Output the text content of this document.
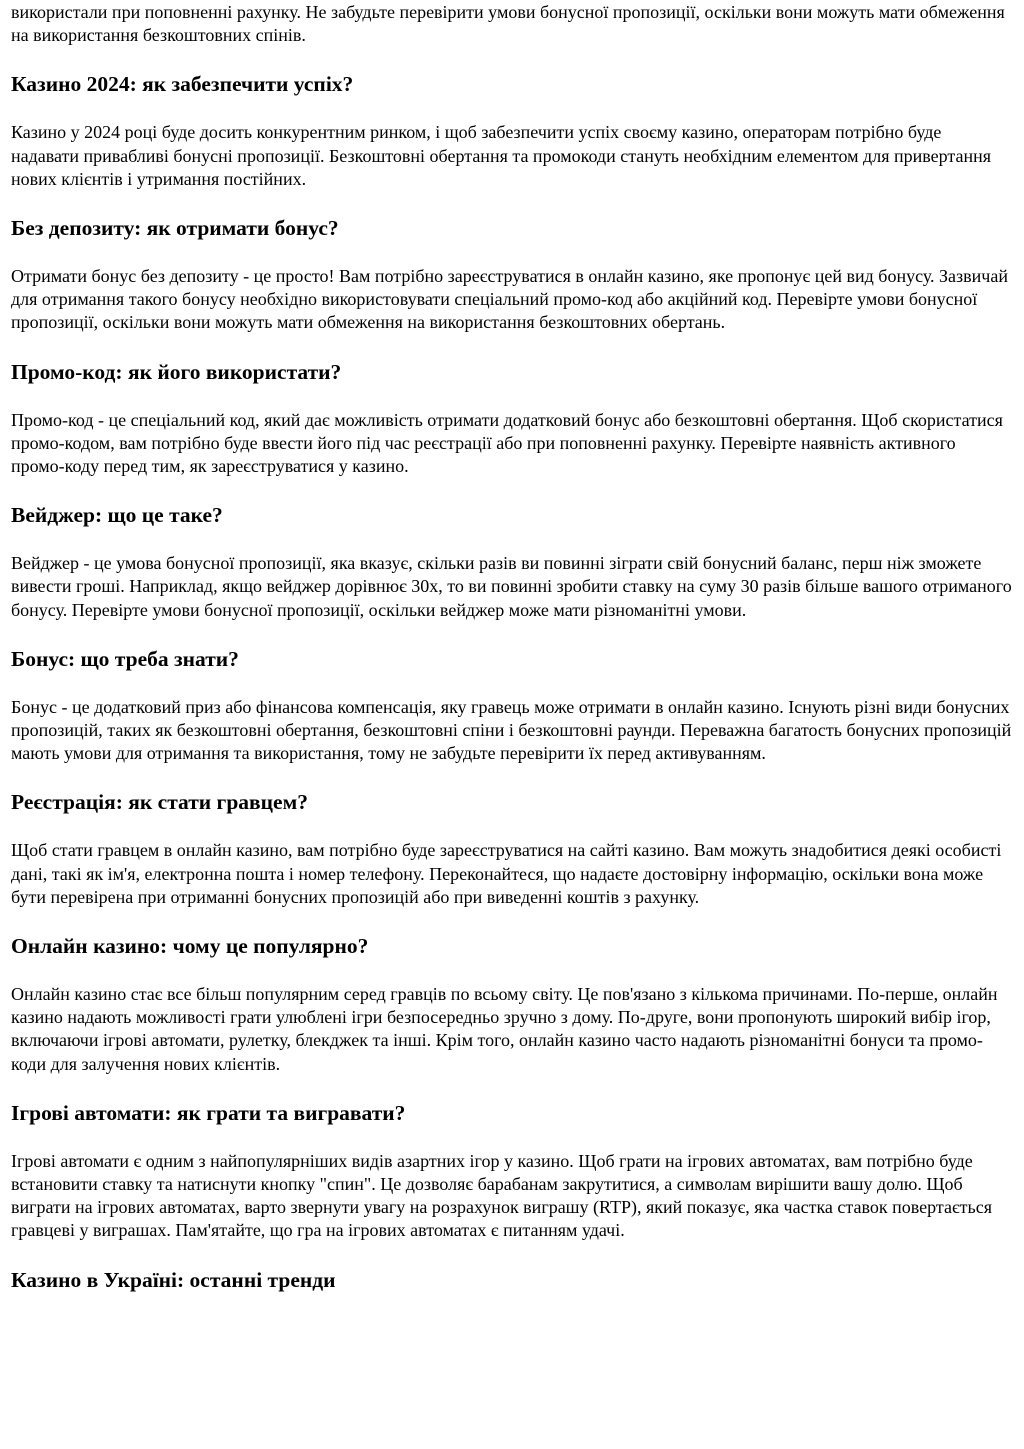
використали при поповненні рахунку. Не забудьте перевірити умови бонусної пропозиції, оскільки вони можуть мати обмеження на використання безкоштовних спінів.

Казино 2024: як забезпечити успіх?

Казино у 2024 році буде досить конкурентним ринком, і щоб забезпечити успіх своєму казино, операторам потрібно буде надавати привабливі бонусні пропозиції. Безкоштовні обертання та промокоди стануть необхідним елементом для привертання нових клієнтів і утримання постійних.

Без депозиту: як отримати бонус?

Отримати бонус без депозиту - це просто! Вам потрібно зареєструватися в онлайн казино, яке пропонує цей вид бонусу. Зазвичай для отримання такого бонусу необхідно використовувати спеціальний промо-код або акційний код. Перевірте умови бонусної пропозиції, оскільки вони можуть мати обмеження на використання безкоштовних обертань.

Промо-код: як його використати?

Промо-код - це спеціальний код, який дає можливість отримати додатковий бонус або безкоштовні обертання. Щоб скористатися промо-кодом, вам потрібно буде ввести його під час реєстрації або при поповненні рахунку. Перевірте наявність активного промо-коду перед тим, як зареєструватися у казино.

Вейджер: що це таке?

Вейджер - це умова бонусної пропозиції, яка вказує, скільки разів ви повинні зіграти свій бонусний баланс, перш ніж зможете вивести гроші. Наприклад, якщо вейджер дорівнює 30x, то ви повинні зробити ставку на суму 30 разів більше вашого отриманого бонусу. Перевірте умови бонусної пропозиції, оскільки вейджер може мати різноманітні умови.

Бонус: що треба знати?

Бонус - це додатковий приз або фінансова компенсація, яку гравець може отримати в онлайн казино. Існують різні види бонусних пропозицій, таких як безкоштовні обертання, безкоштовні спіни і безкоштовні раунди. Переважна багатость бонусних пропозицій мають умови для отримання та використання, тому не забудьте перевірити їх перед активуванням.

Реєстрація: як стати гравцем?

Щоб стати гравцем в онлайн казино, вам потрібно буде зареєструватися на сайті казино. Вам можуть знадобитися деякі особисті дані, такі як ім'я, електронна пошта і номер телефону. Переконайтеся, що надаєте достовірну інформацію, оскільки вона може бути перевірена при отриманні бонусних пропозицій або при виведенні коштів з рахунку.

Онлайн казино: чому це популярно?

Онлайн казино стає все більш популярним серед гравців по всьому світу. Це пов'язано з кількома причинами. По-перше, онлайн казино надають можливості грати улюблені ігри безпосередньо зручно з дому. По-друге, вони пропонують широкий вибір ігор, включаючи ігрові автомати, рулетку, блекджек та інші. Крім того, онлайн казино часто надають різноманітні бонуси та промо-коди для залучення нових клієнтів.

Ігрові автомати: як грати та вигравати?

Ігрові автомати є одним з найпопулярніших видів азартних ігор у казино. Щоб грати на ігрових автоматах, вам потрібно буде встановити ставку та натиснути кнопку "спин". Це дозволяє барабанам закрутитися, а символам вирішити вашу долю. Щоб виграти на ігрових автоматах, варто звернути увагу на розрахунок виграшу (RTP), який показує, яка частка ставок повертається гравцеві у виграшах. Пам'ятайте, що гра на ігрових автоматах є питанням удачі.

Казино в Україні: останні тренди
